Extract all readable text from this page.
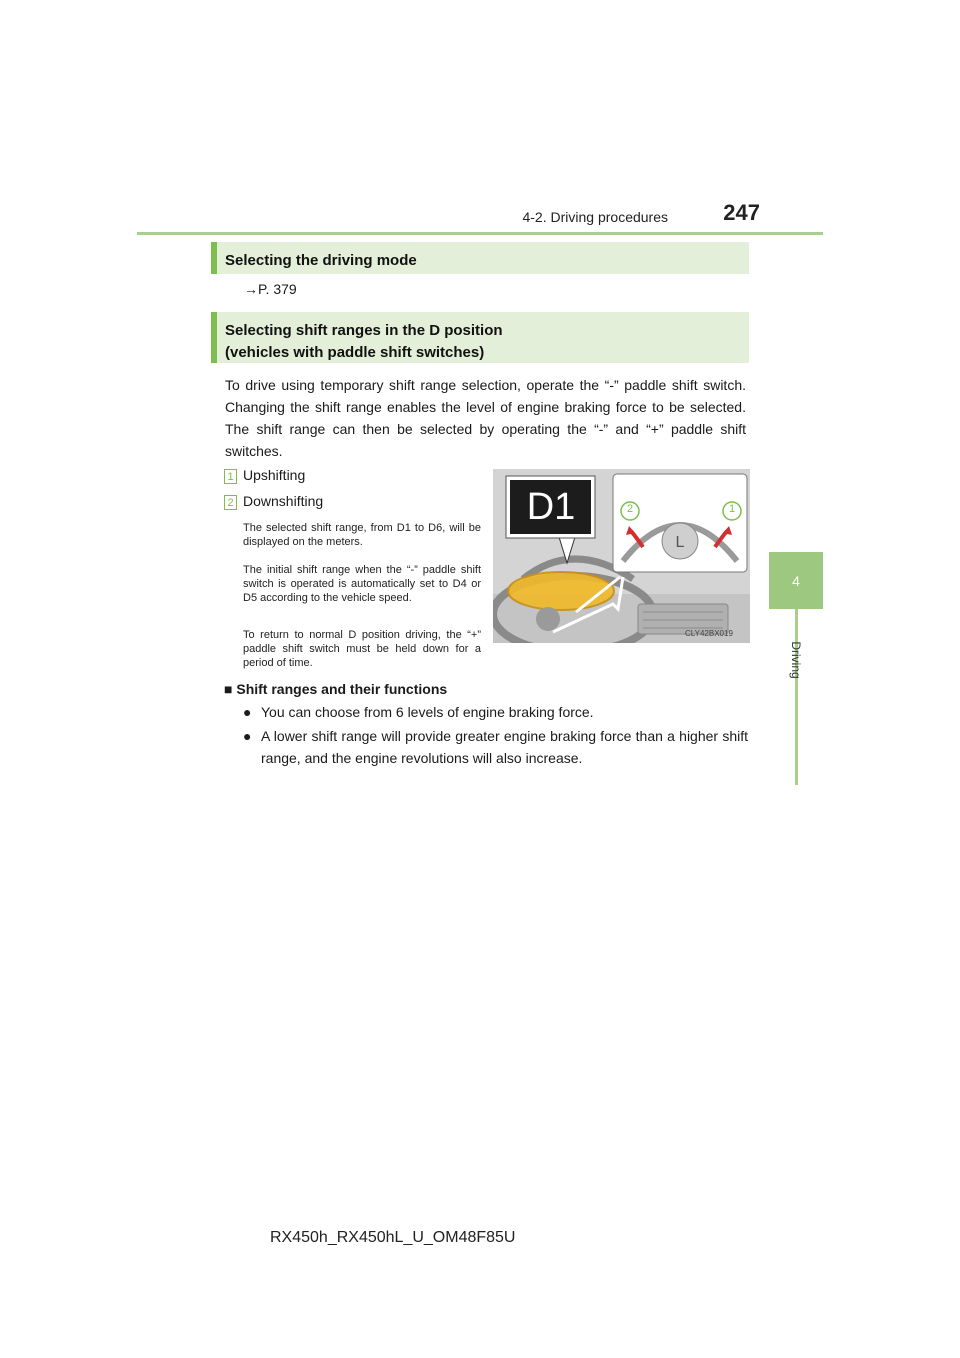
4-2. Driving procedures	247
4
Driving
Selecting the driving mode
→P. 379
Selecting shift ranges in the D position
(vehicles with paddle shift switches)
To drive using temporary shift range selection, operate the “-” paddle shift switch. Changing the shift range enables the level of engine braking force to be selected. The shift range can then be selected by operating the “-” and “+” paddle shift switches.
1 Upshifting
2 Downshifting
The selected shift range, from D1 to D6, will be displayed on the meters.
The initial shift range when the “-” paddle shift switch is operated is automatically set to D4 or D5 according to the vehicle speed.
To return to normal D position driving, the “+” paddle shift switch must be held down for a period of time.
L
D1	2	1
CLY42BX019
■ Shift ranges and their functions
● You can choose from 6 levels of engine braking force.
● A lower shift range will provide greater engine braking force than a higher shift range, and the engine revolutions will also increase.
RX450h_RX450hL_U_OM48F85U
